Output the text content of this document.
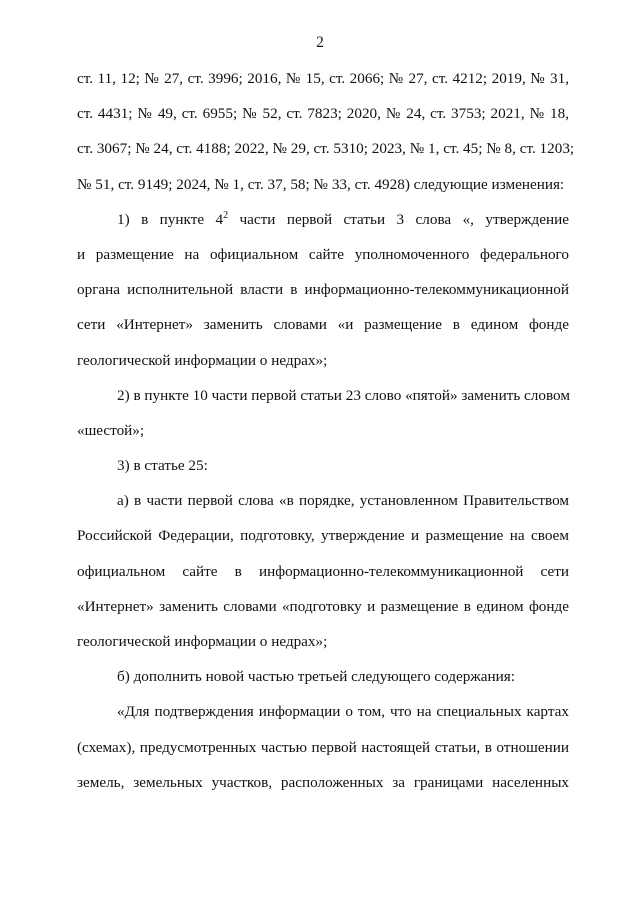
2
ст. 11, 12; № 27, ст. 3996; 2016, № 15, ст. 2066; № 27, ст. 4212; 2019, № 31,
ст. 4431; № 49, ст. 6955; № 52, ст. 7823; 2020, № 24, ст. 3753; 2021, № 18,
ст. 3067; № 24, ст. 4188; 2022, № 29, ст. 5310; 2023, № 1, ст. 45; № 8, ст. 1203;
№ 51, ст. 9149; 2024, № 1, ст. 37, 58; № 33, ст. 4928) следующие изменения:
1) в пункте $4^2$ части первой статьи 3 слова «, утверждение
и размещение на официальном сайте уполномоченного федерального
органа исполнительной власти в информационно-телекоммуникационной
сети «Интернет» заменить словами «и размещение в едином фонде
геологической информации о недрах»;
2) в пункте 10 части первой статьи 23 слово «пятой» заменить словом
«шестой»;
3) в статье 25:
а) в части первой слова «в порядке, установленном Правительством
Российской Федерации, подготовку, утверждение и размещение на своем
официальном сайте в информационно-телекоммуникационной сети
«Интернет» заменить словами «подготовку и размещение в едином фонде
геологической информации о недрах»;
б) дополнить новой частью третьей следующего содержания:
«Для подтверждения информации о том, что на специальных картах
(схемах), предусмотренных частью первой настоящей статьи, в отношении
земель, земельных участков, расположенных за границами населенных
